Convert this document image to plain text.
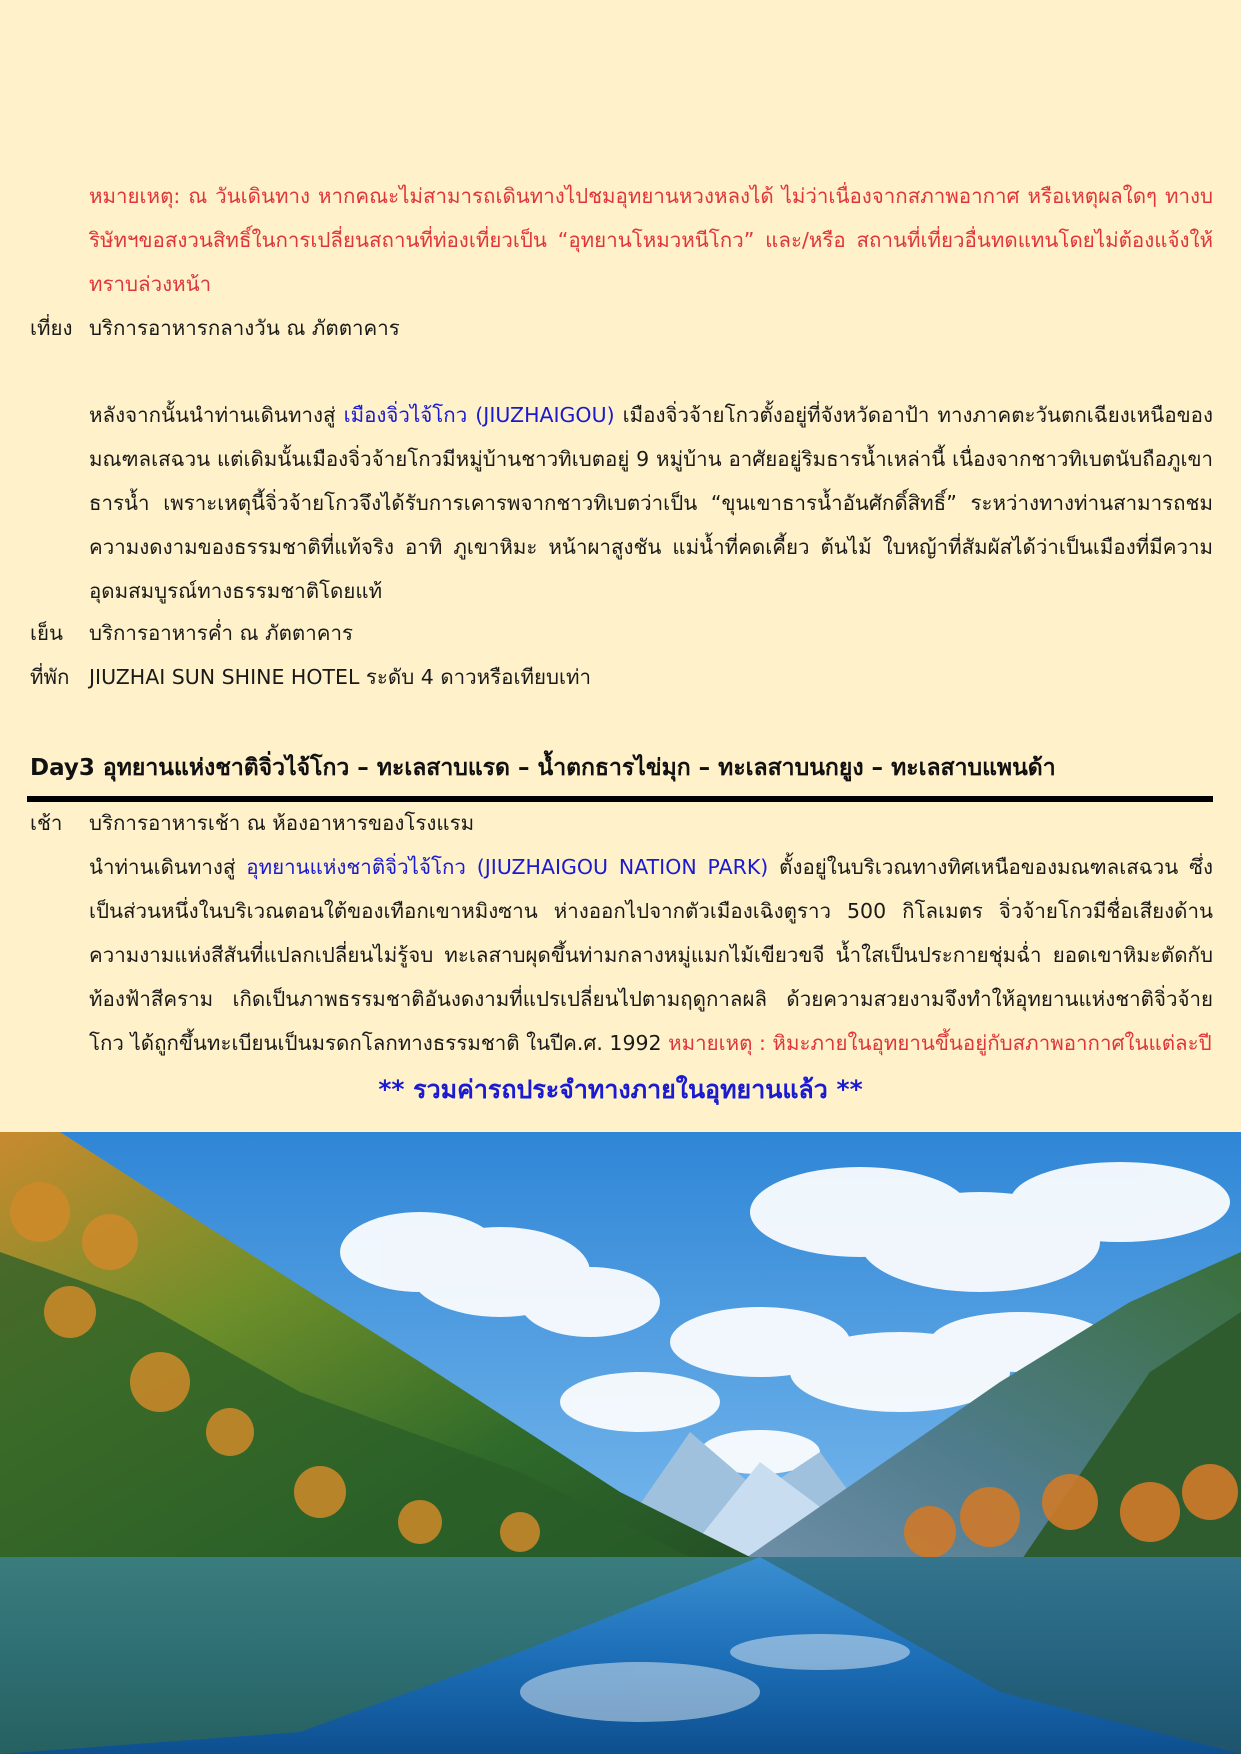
หมายเหตุ: ณ วันเดินทาง หากคณะไม่สามารถเดินทางไปชมอุทยานหวงหลงได้ ไม่ว่าเนื่องจากสภาพอากาศ หรือเหตุผลใดๆ ทางบริษัทฯขอสงวนสิทธิ์ในการเปลี่ยนสถานที่ท่องเที่ยวเป็น “อุทยานโหมวหนีโกว” และ/หรือ สถานที่เที่ยวอื่นทดแทนโดยไม่ต้องแจ้งให้ทราบล่วงหน้า
เที่ยง บริการอาหารกลางวัน ณ ภัตตาคาร
หลังจากนั้นนำท่านเดินทางสู่ เมืองจิ่วไจ้โกว (JIUZHAIGOU) เมืองจิ่วจ้ายโกวตั้งอยู่ที่จังหวัดอาป้า ทางภาคตะวันตกเฉียงเหนือของมณฑลเสฉวน แต่เดิมนั้นเมืองจิ่วจ้ายโกวมีหมู่บ้านชาวทิเบตอยู่ 9 หมู่บ้าน อาศัยอยู่ริมธารน้ำเหล่านี้ เนื่องจากชาวทิเบตนับถือภูเขา ธารน้ำ เพราะเหตุนี้จิ่วจ้ายโกวจึงได้รับการเคารพจากชาวทิเบตว่าเป็น “ขุนเขาธารน้ำอันศักดิ์สิทธิ์” ระหว่างทางท่านสามารถชมความงดงามของธรรมชาติที่แท้จริง อาทิ ภูเขาหิมะ หน้าผาสูงชัน แม่น้ำที่คดเคี้ยว ต้นไม้ ใบหญ้าที่สัมผัสได้ว่าเป็นเมืองที่มีความอุดมสมบูรณ์ทางธรรมชาติโดยแท้
เย็น	บริการอาหารค่ำ ณ ภัตตาคาร
ที่พัก JIUZHAI SUN SHINE HOTEL ระดับ 4 ดาวหรือเทียบเท่า
Day3 อุทยานแห่งชาติจิ่วไจ้โกว – ทะเลสาบแรด – น้ำตกธารไข่มุก – ทะเลสาบนกยูง – ทะเลสาบแพนด้า
เช้า	บริการอาหารเช้า ณ ห้องอาหารของโรงแรม
นำท่านเดินทางสู่ อุทยานแห่งชาติจิ่วไจ้โกว (JIUZHAIGOU NATION PARK) ตั้งอยู่ในบริเวณทางทิศเหนือของมณฑลเสฉวน ซึ่งเป็นส่วนหนึ่งในบริเวณตอนใต้ของเทือกเขาหมิงซาน ห่างออกไปจากตัวเมืองเฉิงตูราว 500 กิโลเมตร จิ่วจ้ายโกวมีชื่อเสียงด้านความงามแห่งสีสันที่แปลกเปลี่ยนไม่รู้จบ ทะเลสาบผุดขึ้นท่ามกลางหมู่แมกไม้เขียวขจี น้ำใสเป็นประกายชุ่มฉ่ำ ยอดเขาหิมะตัดกับท้องฟ้าสีคราม เกิดเป็นภาพธรรมชาติอันงดงามที่แปรเปลี่ยนไปตามฤดูกาลผลิ ด้วยความสวยงามจึงทำให้อุทยานแห่งชาติจิ่วจ้ายโกว ได้ถูกขึ้นทะเบียนเป็นมรดกโลกทางธรรมชาติ ในปีค.ศ. 1992 หมายเหตุ : หิมะภายในอุทยานขึ้นอยู่กับสภาพอากาศในแต่ละปี
** รวมค่ารถประจำทางภายในอุทยานแล้ว **
